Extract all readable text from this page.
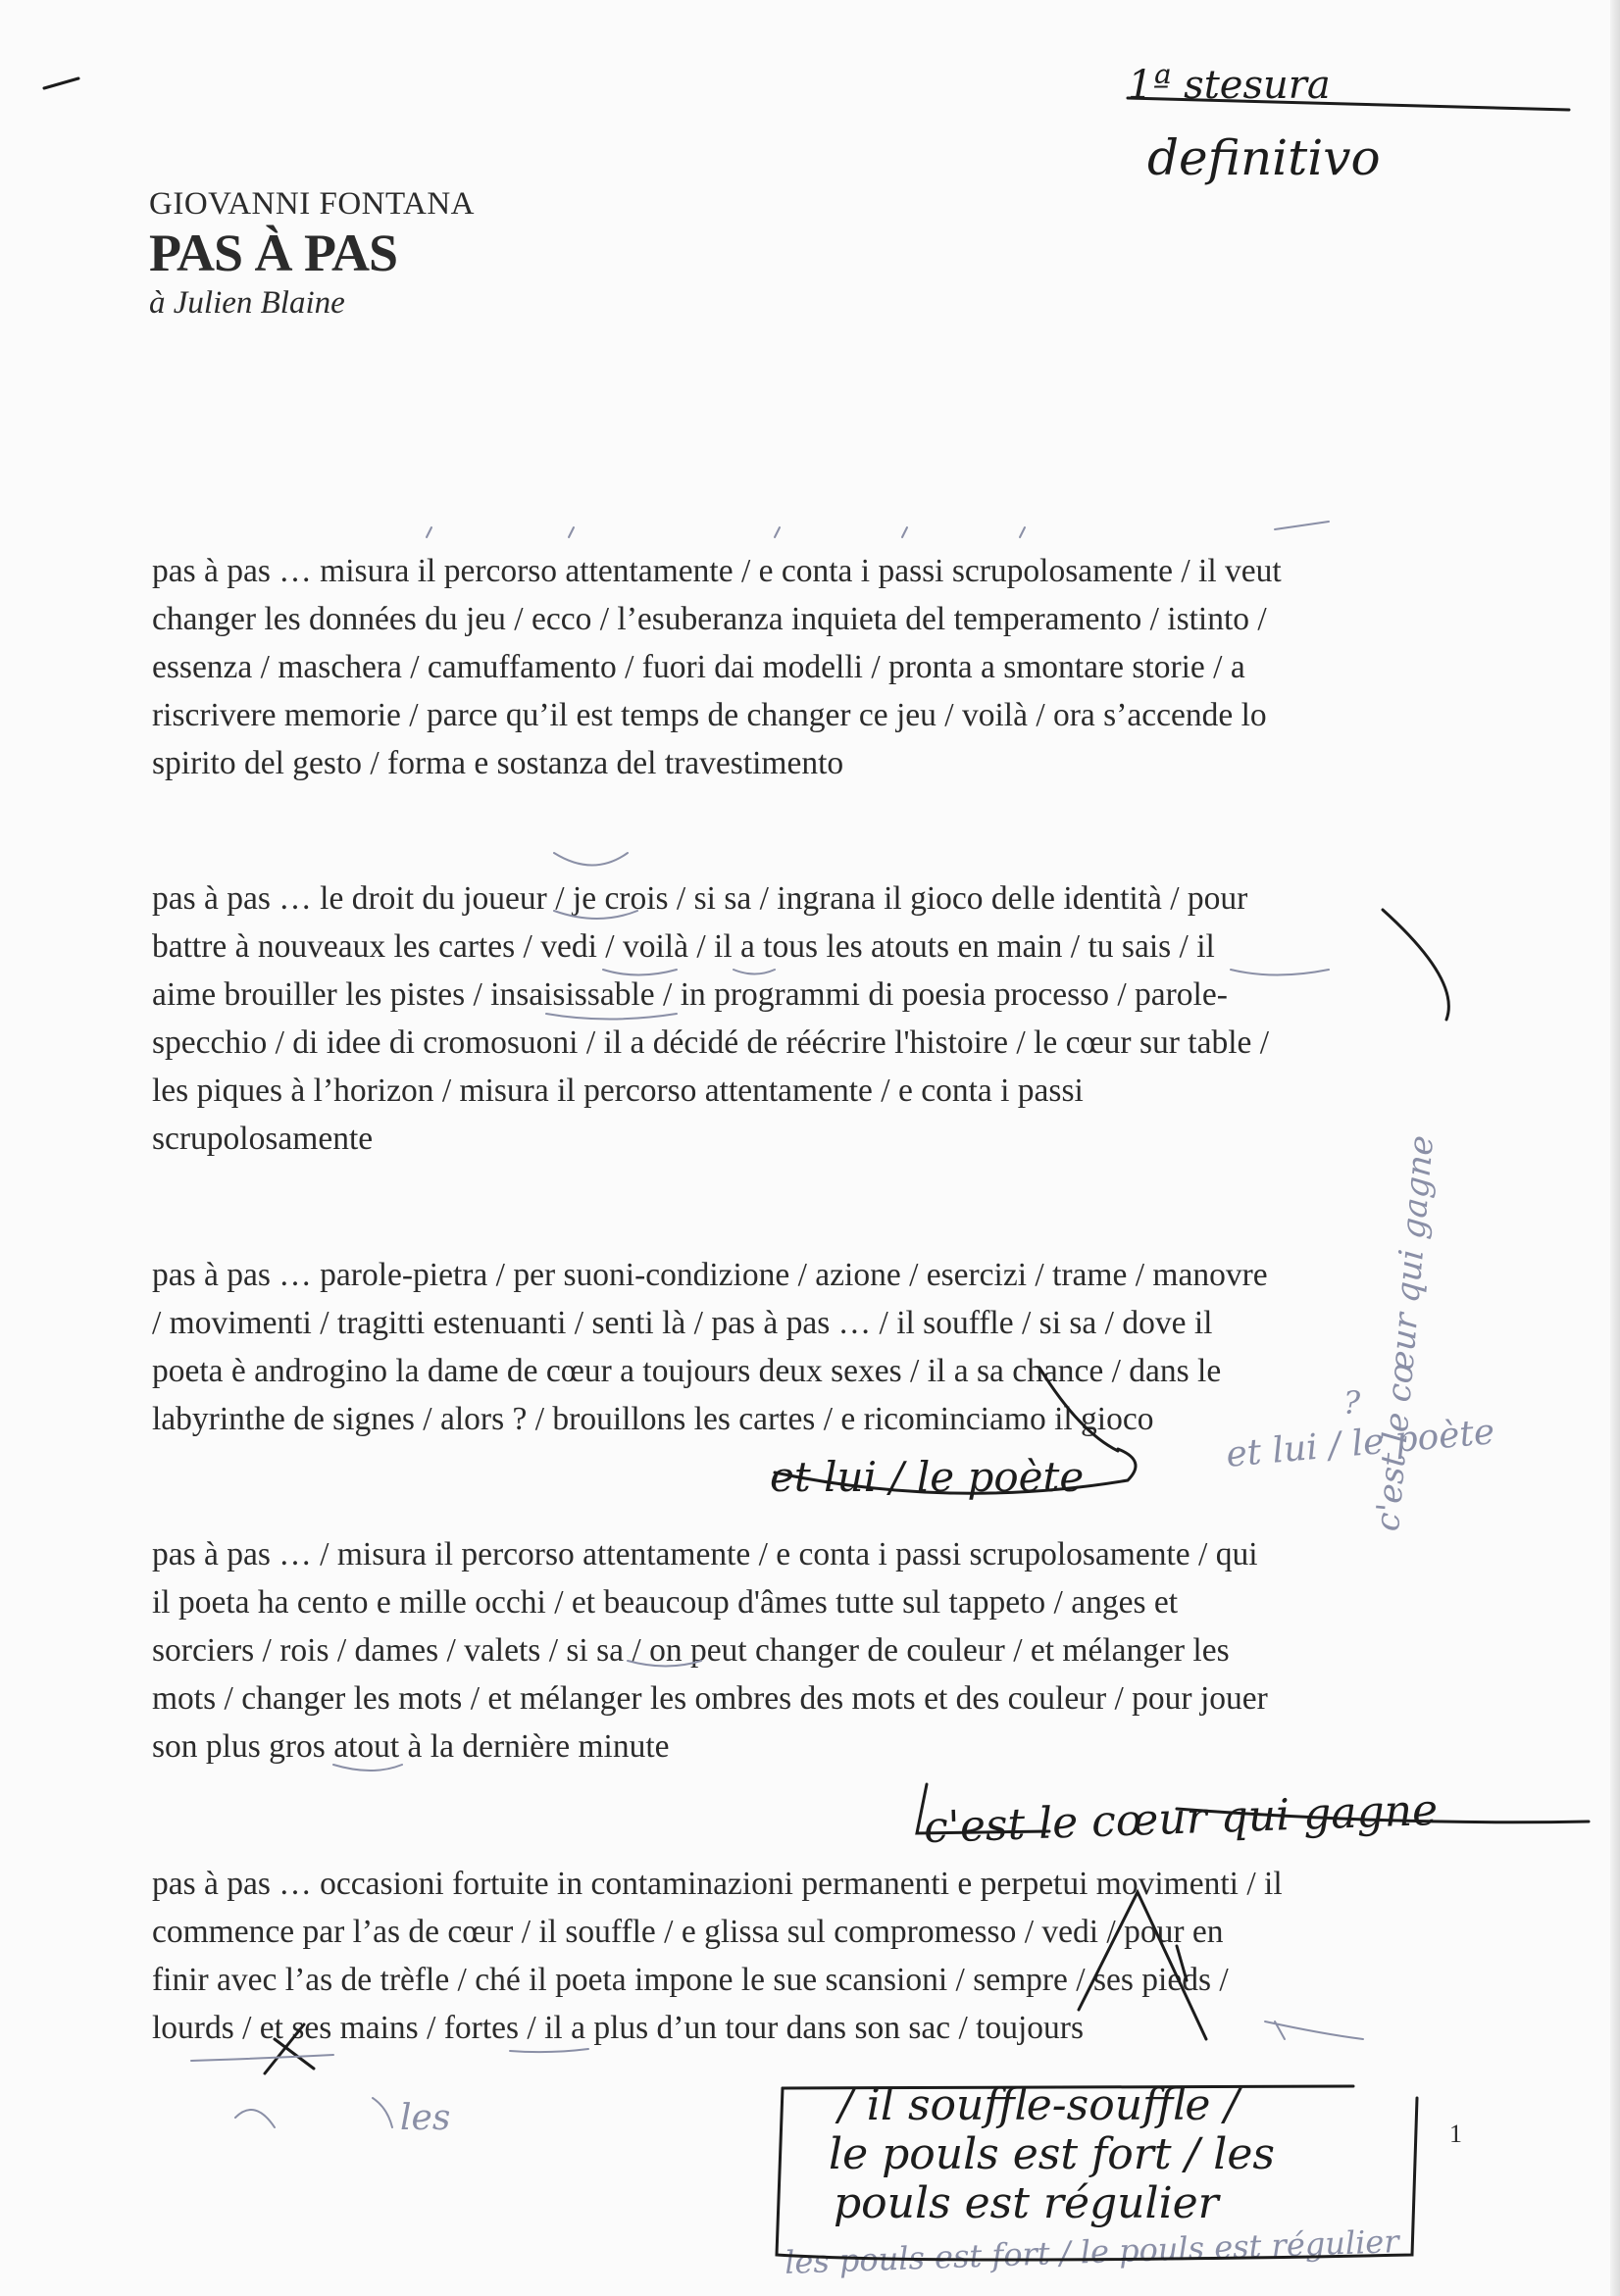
GIOVANNI FONTANA
PAS À PAS
à Julien Blaine
pas à pas … misura il percorso attentamente / e conta i passi scrupolosamente / il veut
changer les données du jeu / ecco / l’esuberanza inquieta del temperamento / istinto /
essenza / maschera / camuffamento / fuori dai modelli / pronta a smontare storie / a
riscrivere memorie / parce qu’il est temps de changer ce jeu / voilà / ora s’accende lo
spirito del gesto / forma e sostanza del travestimento
pas à pas … le droit du joueur / je crois / si sa / ingrana il gioco delle identità / pour
battre à nouveaux les cartes / vedi / voilà / il a tous les atouts en main / tu sais / il
aime brouiller les pistes / insaisissable / in programmi di poesia processo / parole-
specchio / di idee di cromosuoni / il a décidé de réécrire l'histoire / le cœur sur table /
les piques à l’horizon / misura il percorso attentamente / e conta i passi
scrupolosamente
pas à pas … parole-pietra / per suoni-condizione / azione / esercizi / trame / manovre
/ movimenti / tragitti estenuanti / senti là / pas à pas … / il souffle / si sa / dove il
poeta è androgino la dame de cœur a toujours deux sexes / il a sa chance / dans le
labyrinthe de signes / alors ? / brouillons les cartes / e ricominciamo il gioco
pas à pas … / misura il percorso attentamente / e conta i passi scrupolosamente / qui
il poeta ha cento e mille occhi / et beaucoup d'âmes tutte sul tappeto / anges et
sorciers / rois / dames / valets / si sa / on peut changer de couleur / et mélanger les
mots / changer les mots / et mélanger les ombres des mots et des couleur / pour jouer
son plus gros atout à la dernière minute
pas à pas … occasioni fortuite in contaminazioni permanenti e perpetui movimenti / il
commence par l’as de cœur / il souffle / e glissa sul compromesso / vedi / pour en
finir avec l’as de trèfle / ché il poeta impone le sue scansioni / sempre / ses pieds /
lourds / et ses mains / fortes / il a plus d’un tour dans son sac / toujours
1ª stesura
definitivo
et lui / le poète
et lui / le poète
?
c'est le cœur qui gagne
c'est le cœur qui gagne
les	/ il souffle-souffle /
le pouls est fort / les
pouls est régulier
les pouls est fort / le pouls est régulier
1
